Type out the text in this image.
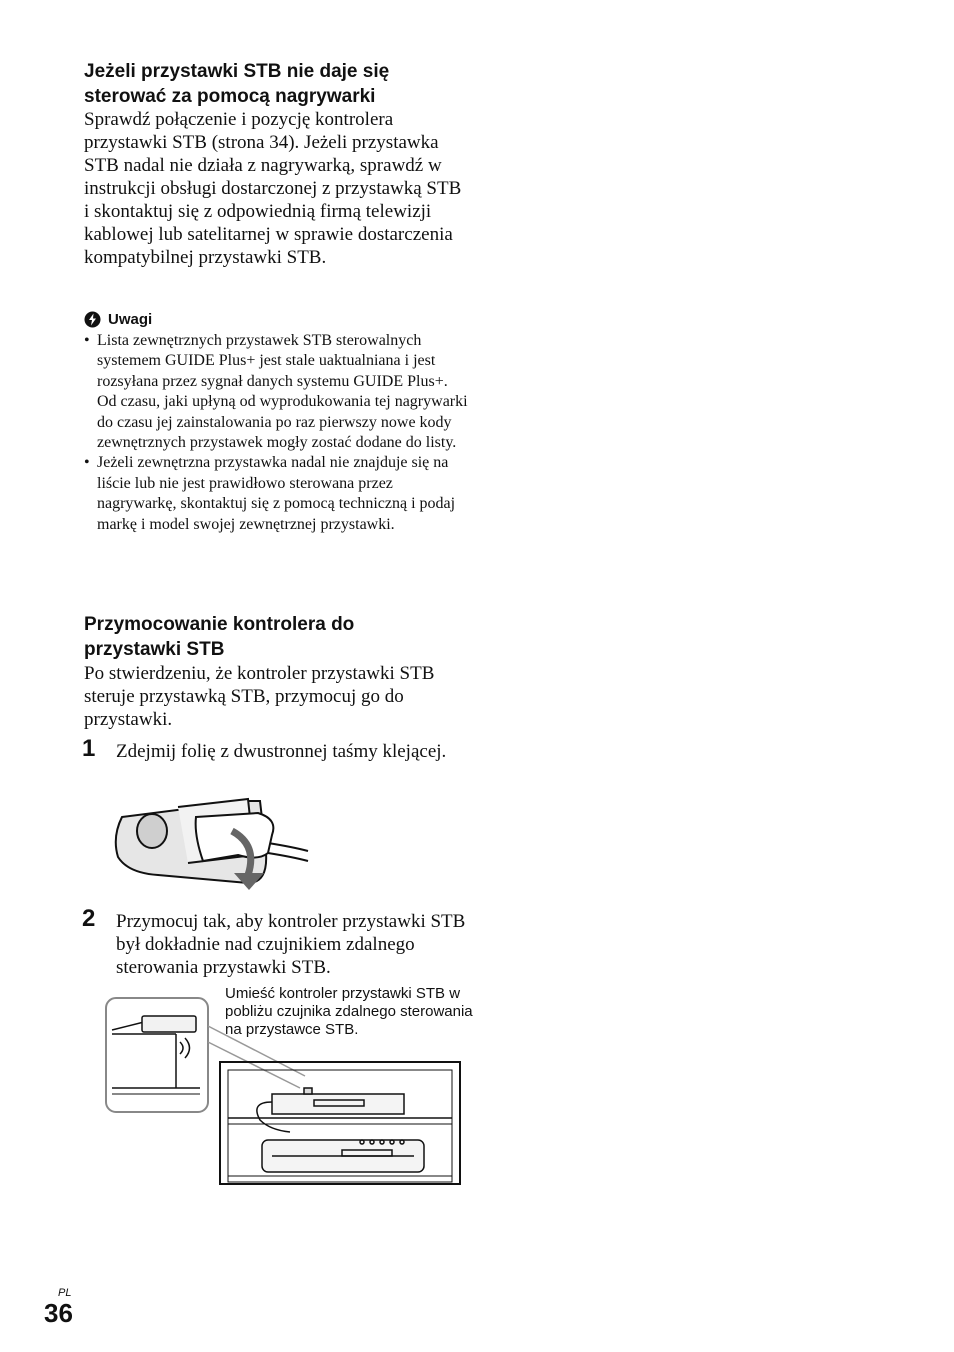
Jeżeli przystawki STB nie daje się
sterować za pomocą nagrywarki
Sprawdź połączenie i pozycję kontrolera przystawki STB (strona 34). Jeżeli przystawka STB nadal nie działa z nagrywarką, sprawdź w instrukcji obsługi dostarczonej z przystawką STB i skontaktuj się z odpowiednią firmą telewizji kablowej lub satelitarnej w sprawie dostarczenia kompatybilnej przystawki STB.
Uwagi
• Lista zewnętrznych przystawek STB sterowalnych systemem GUIDE Plus+ jest stale uaktualniana i jest rozsyłana przez sygnał danych systemu GUIDE Plus+. Od czasu, jaki upłyną od wyprodukowania tej nagrywarki do czasu jej zainstalowania po raz pierwszy nowe kody zewnętrznych przystawek mogły zostać dodane do listy.
• Jeżeli zewnętrzna przystawka nadal nie znajduje się na liście lub nie jest prawidłowo sterowana przez nagrywarkę, skontaktuj się z pomocą techniczną i podaj markę i model swojej zewnętrznej przystawki.
Przymocowanie kontrolera do
przystawki STB
Po stwierdzeniu, że kontroler przystawki STB steruje przystawką STB, przymocuj go do przystawki.
1 Zdejmij folię z dwustronnej taśmy klejącej.
2 Przymocuj tak, aby kontroler przystawki STB był dokładnie nad czujnikiem zdalnego sterowania przystawki STB.
Umieść kontroler przystawki STB w pobliżu czujnika zdalnego sterowania na przystawce STB.
PL
36
